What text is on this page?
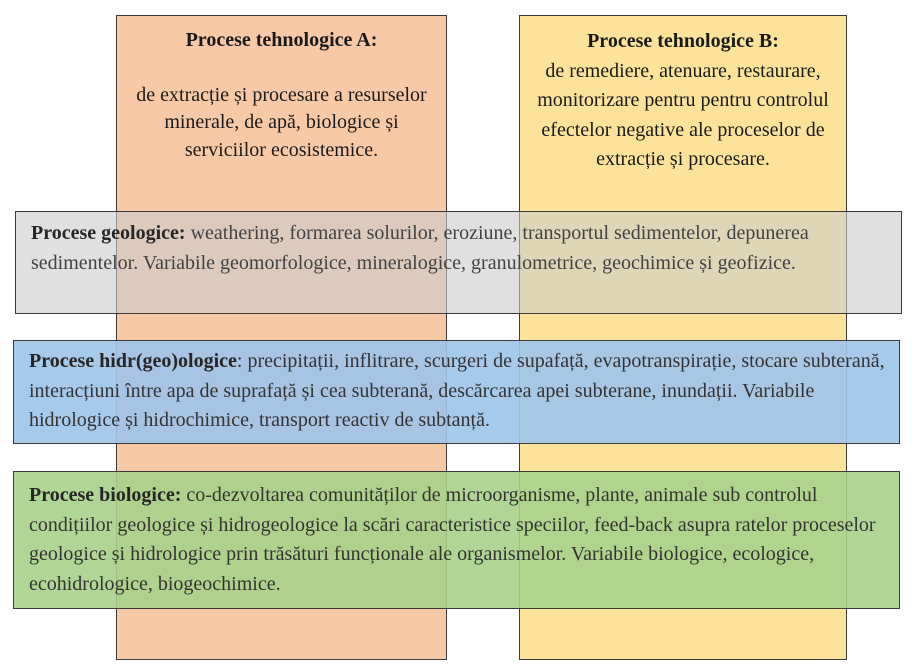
Procese tehnologice A:
de extracție și procesare a resurselor minerale, de apă, biologice și serviciilor ecosistemice.
Procese tehnologice B:
de remediere, atenuare, restaurare, monitorizare pentru pentru controlul efectelor negative ale proceselor de extracție și procesare.
Procese geologice: weathering, formarea solurilor, eroziune, transportul sedimentelor, depunerea sedimentelor. Variabile geomorfologice, mineralogice, granulometrice, geochimice și geofizice.
Procese hidr(geo)ologice: precipitații, inflitrare, scurgeri de supafață, evapotranspirație, stocare subterană, interacțiuni între apa de suprafață și cea subterană, descărcarea apei subterane, inundații. Variabile hidrologice și hidrochimice, transport reactiv de subtanță.
Procese biologice: co-dezvoltarea comunităților de microorganisme, plante, animale sub controlul condițiilor geologice și hidrogeologice la scări caracteristice speciilor, feed-back asupra ratelor proceselor geologice și hidrologice prin trăsături funcționale ale organismelor. Variabile biologice, ecologice, ecohidrologice, biogeochimice.
